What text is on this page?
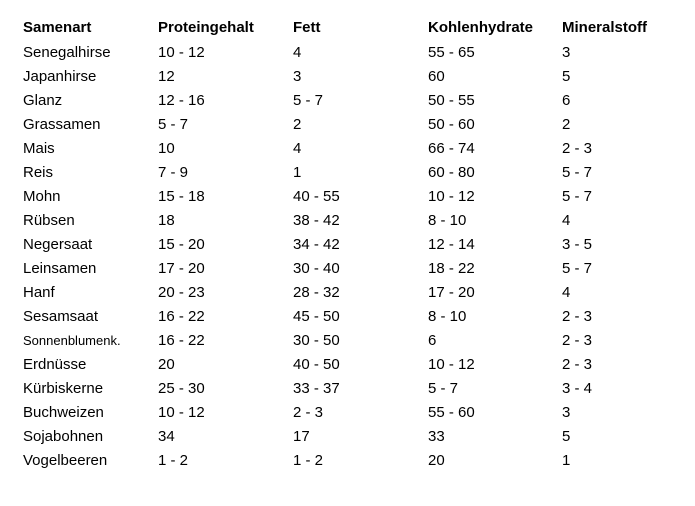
Samenart	Proteingehalt	Fett	Kohlenhydrate	Mineralstoff
Senegalhirse	10 - 12	4	55 - 65	3
Japanhirse	12	3	60	5
Glanz	12 - 16	5 - 7	50 - 55	6
Grassamen	5 - 7	2	50 - 60	2
Mais	10	4	66 - 74	2 - 3
Reis	7 - 9	1	60 - 80	5 - 7
Mohn	15 - 18	40 - 55	10 - 12	5 - 7
Rübsen	18	38 - 42	8 - 10	4
Negersaat	15 - 20	34 - 42	12 - 14	3 - 5
Leinsamen	17 - 20	30 - 40	18 - 22	5 - 7
Hanf	20 - 23	28 - 32	17 - 20	4
Sesamsaat	16 - 22	45 - 50	8 - 10	2 - 3
Sonnenblumenk.	16 - 22	30 - 50	6	2 - 3
Erdnüsse	20	40 - 50	10 - 12	2 - 3
Kürbiskerne	25 - 30	33 - 37	5 - 7	3 - 4
Buchweizen	10 - 12	2 - 3	55 - 60	3
Sojabohnen	34	17	33	5
Vogelbeeren	1 - 2	1 - 2	20	1
